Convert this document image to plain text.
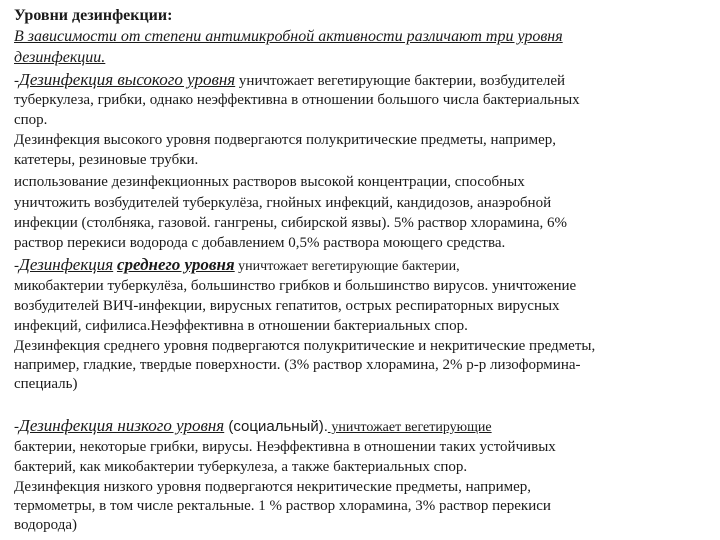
Уровни дезинфекции:
В зависимости от степени антимикробной активности различают три уровня
дезинфекции.
-Дезинфекция высокого уровня уничтожает вегетирующие бактерии, возбудителей
туберкулеза, грибки, однако неэффективна в отношении большого числа бактериальных
спор.
Дезинфекция высокого уровня подвергаются полукритические предметы, например,
катетеры, резиновые трубки.
использование дезинфекционных растворов высокой концентрации, способных
уничтожить возбудителей туберкулёза, гнойных инфекций, кандидозов, анаэробной
инфекции (столбняка, газовой. гангрены, сибирской язвы). 5% раствор хлорамина, 6%
раствор перекиси водорода с добавлением 0,5% раствора моющего средства.
-Дезинфекция среднего уровня уничтожает вегетирующие бактерии,
микобактерии туберкулёза, большинство грибков и большинство вирусов. уничтожение
возбудителей ВИЧ-инфекции, вирусных гепатитов, острых респираторных вирусных
инфекций, сифилиса.Неэффективна в отношении бактериальных спор.
Дезинфекция среднего уровня подвергаются полукритические и некритические предметы,
например, гладкие, твердые поверхности. (3% раствор хлорамина, 2% р-р лизоформина-
специаль)
-Дезинфекция низкого уровня (социальный). уничтожает вегетирующие
бактерии, некоторые грибки, вирусы. Неэффективна в отношении таких устойчивых
бактерий, как микобактерии туберкулеза, а также бактериальных спор.
Дезинфекция низкого уровня подвергаются некритические предметы, например,
термометры, в том числе ректальные. 1 % раствор хлорамина, 3% раствор перекиси
водорода)
